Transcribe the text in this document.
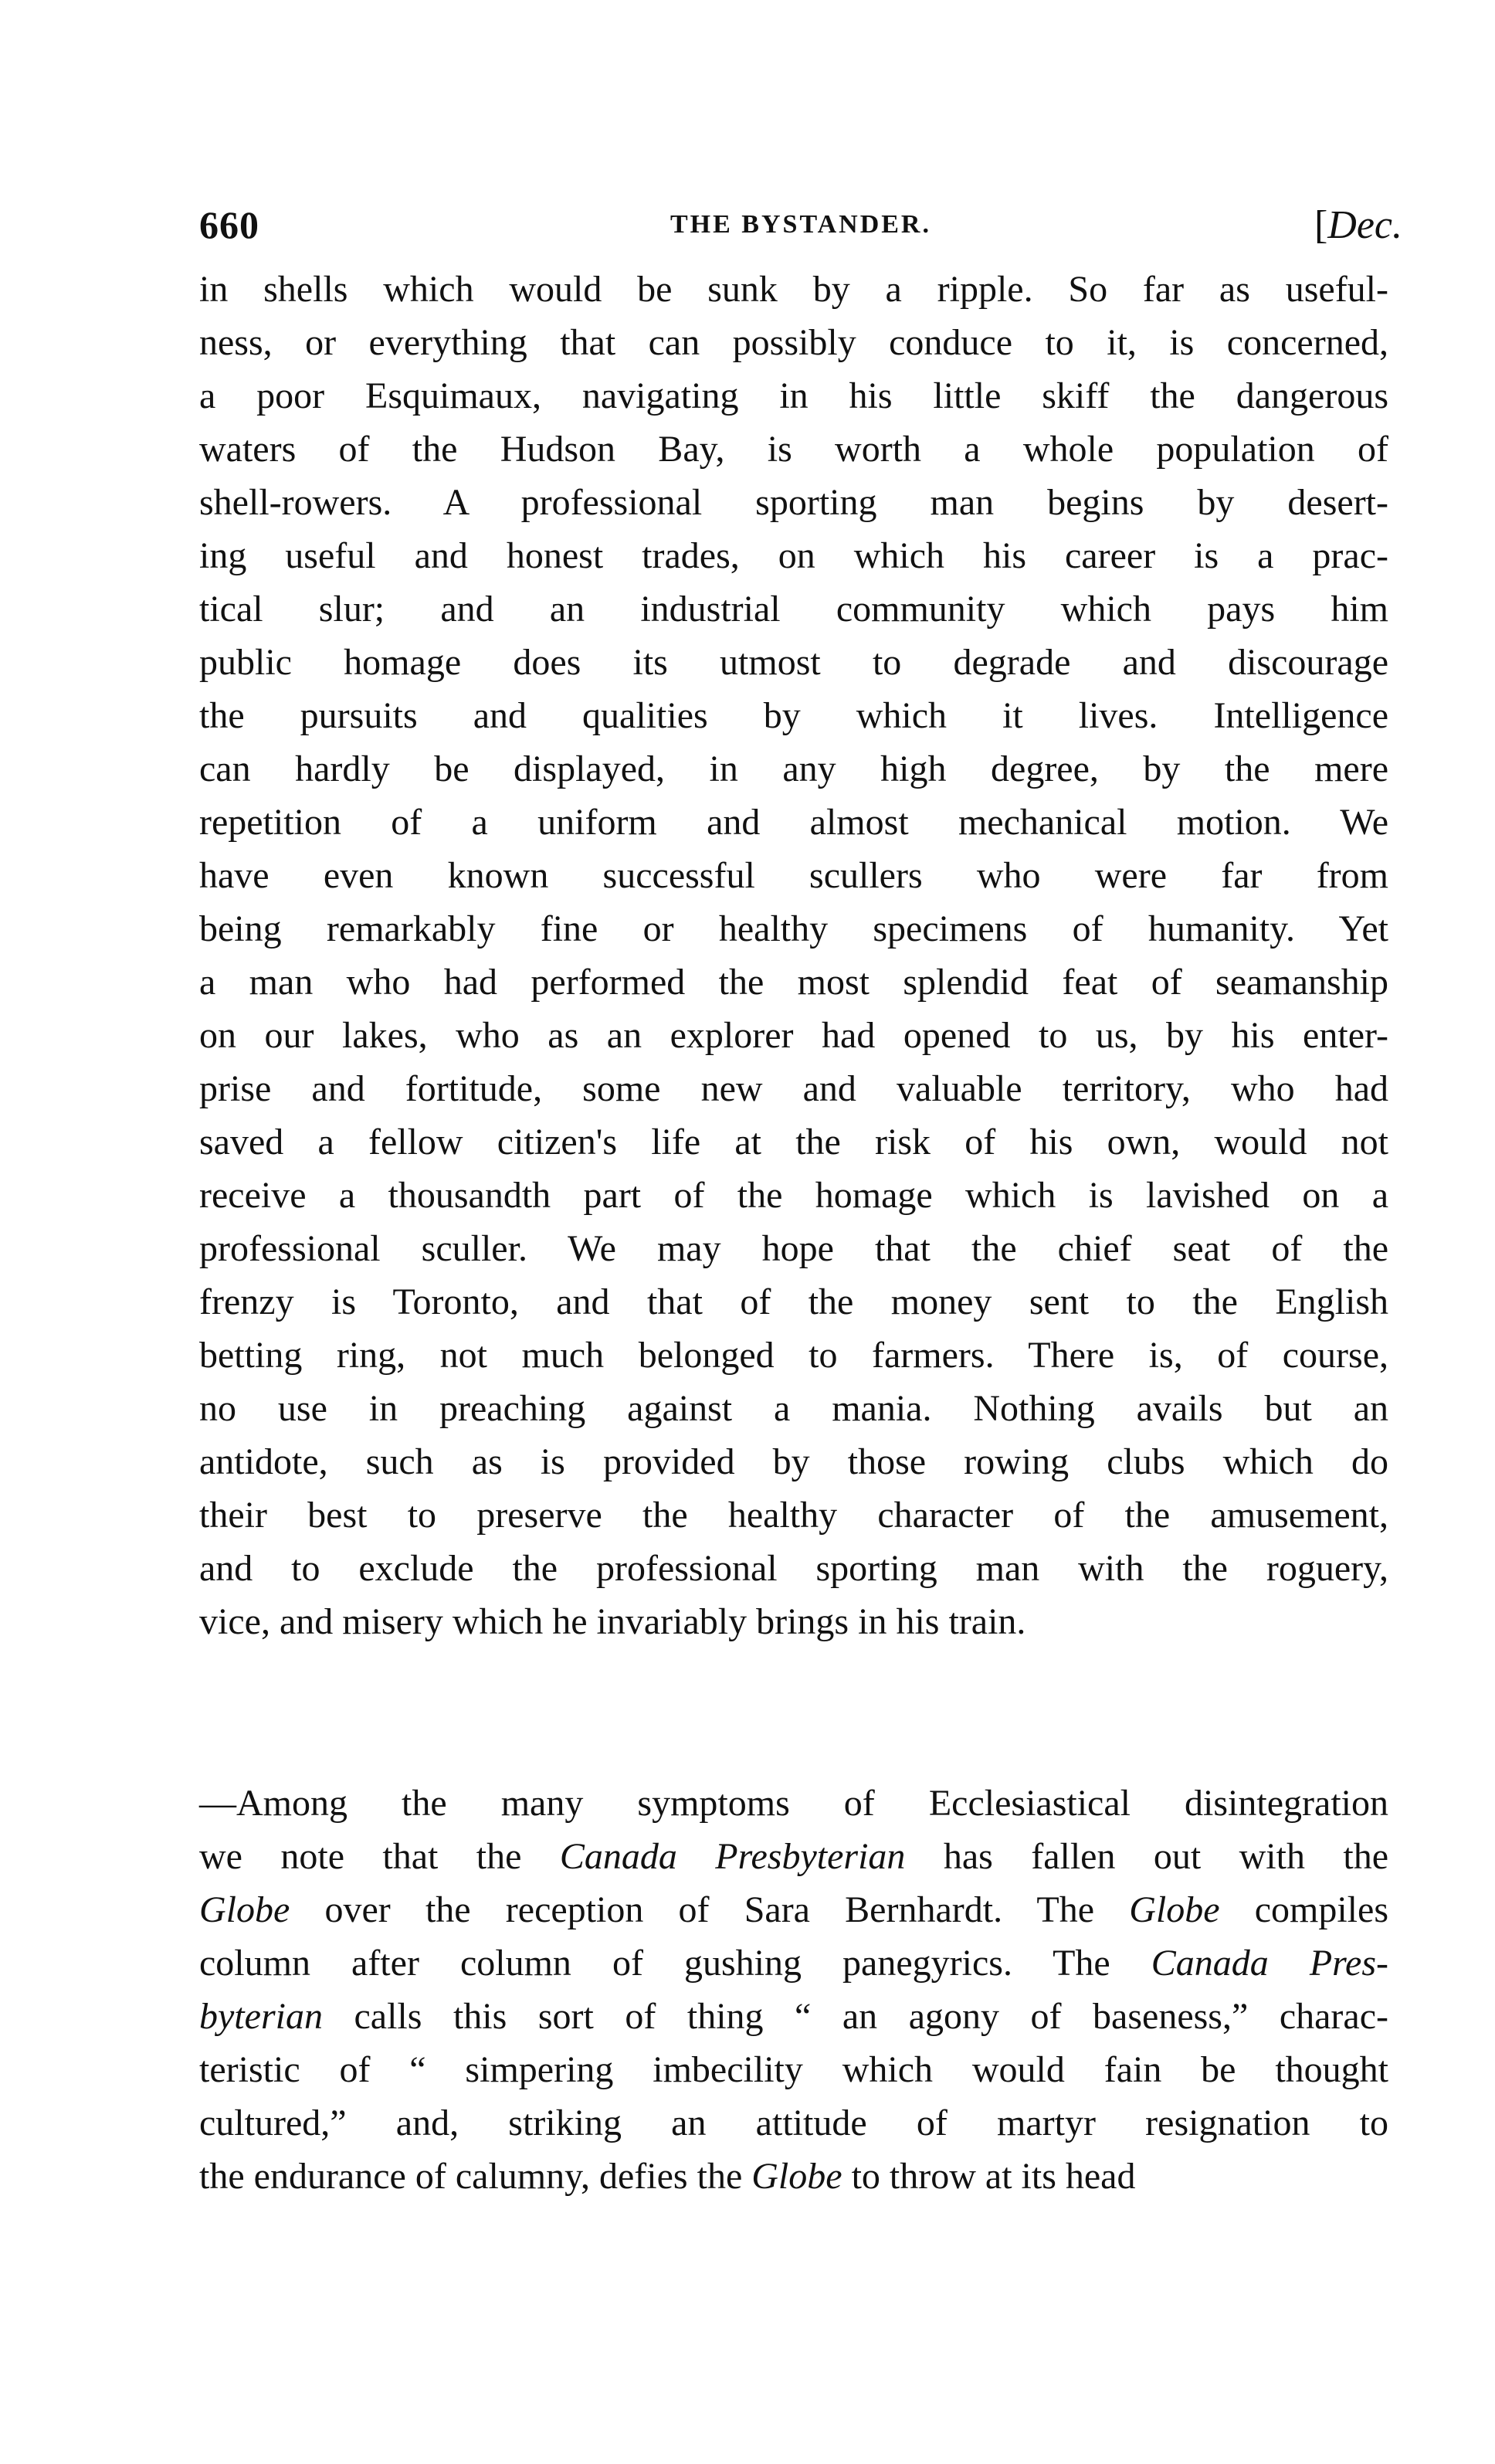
660	THE BYSTANDER.	[Dec.
in shells which would be sunk by a ripple. So far as useful-
ness, or everything that can possibly conduce to it, is concerned,
a poor Esquimaux, navigating in his little skiff the dangerous
waters of the Hudson Bay, is worth a whole population of
shell-rowers. A professional sporting man begins by desert-
ing useful and honest trades, on which his career is a prac-
tical slur; and an industrial community which pays him
public homage does its utmost to degrade and discourage
the pursuits and qualities by which it lives. Intelligence
can hardly be displayed, in any high degree, by the mere
repetition of a uniform and almost mechanical motion. We
have even known successful scullers who were far from
being remarkably fine or healthy specimens of humanity. Yet
a man who had performed the most splendid feat of seamanship
on our lakes, who as an explorer had opened to us, by his enter-
prise and fortitude, some new and valuable territory, who had
saved a fellow citizen's life at the risk of his own, would not
receive a thousandth part of the homage which is lavished on a
professional sculler. We may hope that the chief seat of the
frenzy is Toronto, and that of the money sent to the English
betting ring, not much belonged to farmers. There is, of course,
no use in preaching against a mania. Nothing avails but an
antidote, such as is provided by those rowing clubs which do
their best to preserve the healthy character of the amusement,
and to exclude the professional sporting man with the roguery,
vice, and misery which he invariably brings in his train.
—Among the many symptoms of Ecclesiastical disintegration
we note that the Canada Presbyterian has fallen out with the
Globe over the reception of Sara Bernhardt. The Globe compiles
column after column of gushing panegyrics. The Canada Pres-
byterian calls this sort of thing “ an agony of baseness,” charac-
teristic of “ simpering imbecility which would fain be thought
cultured,” and, striking an attitude of martyr resignation to
the endurance of calumny, defies the Globe to throw at its head
